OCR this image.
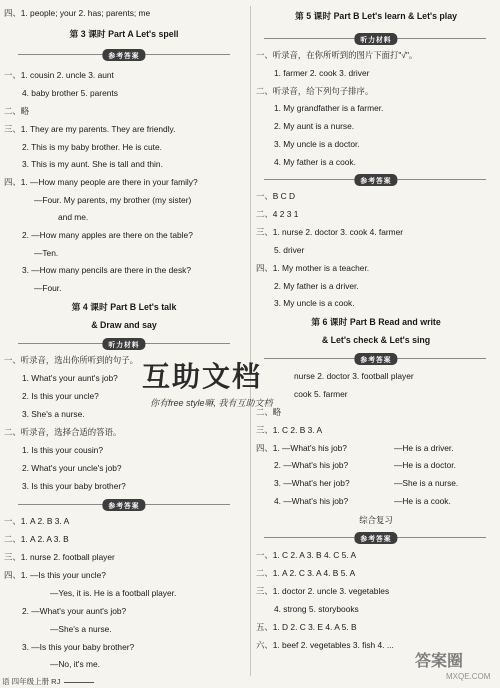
四、1. people; your 2. has; parents; me
第 3 课时 Part A Let's spell
参考答案
一、1. cousin 2. uncle 3. aunt
4. baby brother 5. parents
二、略
三、1. They are my parents. They are friendly.
2. This is my baby brother. He is cute.
3. This is my aunt. She is tall and thin.
四、1. —How many people are there in your family?
—Four. My parents, my brother (my sister)
and me.
2. —How many apples are there on the table?
—Ten.
3. —How many pencils are there in the desk?
—Four.
第 4 课时 Part B Let's talk
& Draw and say
听力材料
一、听录音，选出你所听到的句子。
1. What's your aunt's job?
2. Is this your uncle?
3. She's a nurse.
二、听录音，选择合适的答语。
1. Is this your cousin?
2. What's your uncle's job?
3. Is this your baby brother?
参考答案
一、1. A 2. B 3. A
二、1. A 2. A 3. B
三、1. nurse 2. football player
四、1. —Is this your uncle?
—Yes, it is. He is a football player.
2. —What's your aunt's job?
—She's a nurse.
3. —Is this your baby brother?
—No, it's me.
第 5 课时 Part B Let's learn & Let's play
听力材料
一、听录音，在你所听到的图片下面打"√"。
1. farmer 2. cook 3. driver
二、听录音，给下列句子排序。
1. My grandfather is a farmer.
2. My aunt is a nurse.
3. My uncle is a doctor.
4. My father is a cook.
参考答案
一、B C D
二、4 2 3 1
三、1. nurse 2. doctor 3. cook 4. farmer
5. driver
四、1. My mother is a teacher.
2. My father is a driver.
3. My uncle is a cook.
第 6 课时 Part B Read and write
& Let's check & Let's sing
参考答案
nurse 2. doctor 3. football player
cook 5. farmer
二、略
三、1. C 2. B 3. A
四、1. —What's his job?	—He is a driver.
2. —What's his job?	—He is a doctor.
3. —What's her job?	—She is a nurse.
4. —What's his job?	—He is a cook.
综合复习
参考答案
一、1. C 2. A 3. B 4. C 5. A
二、1. A 2. C 3. A 4. B 5. A
三、1. doctor 2. uncle 3. vegetables
4. strong 5. storybooks
五、1. D 2. C 3. E 4. A 5. B
六、1. beef 2. vegetables 3. fish 4. ...
互助文档
你有free style嘛, 我有互助文档
答案圈
MXQE.COM
语 四年级上册 RJ
